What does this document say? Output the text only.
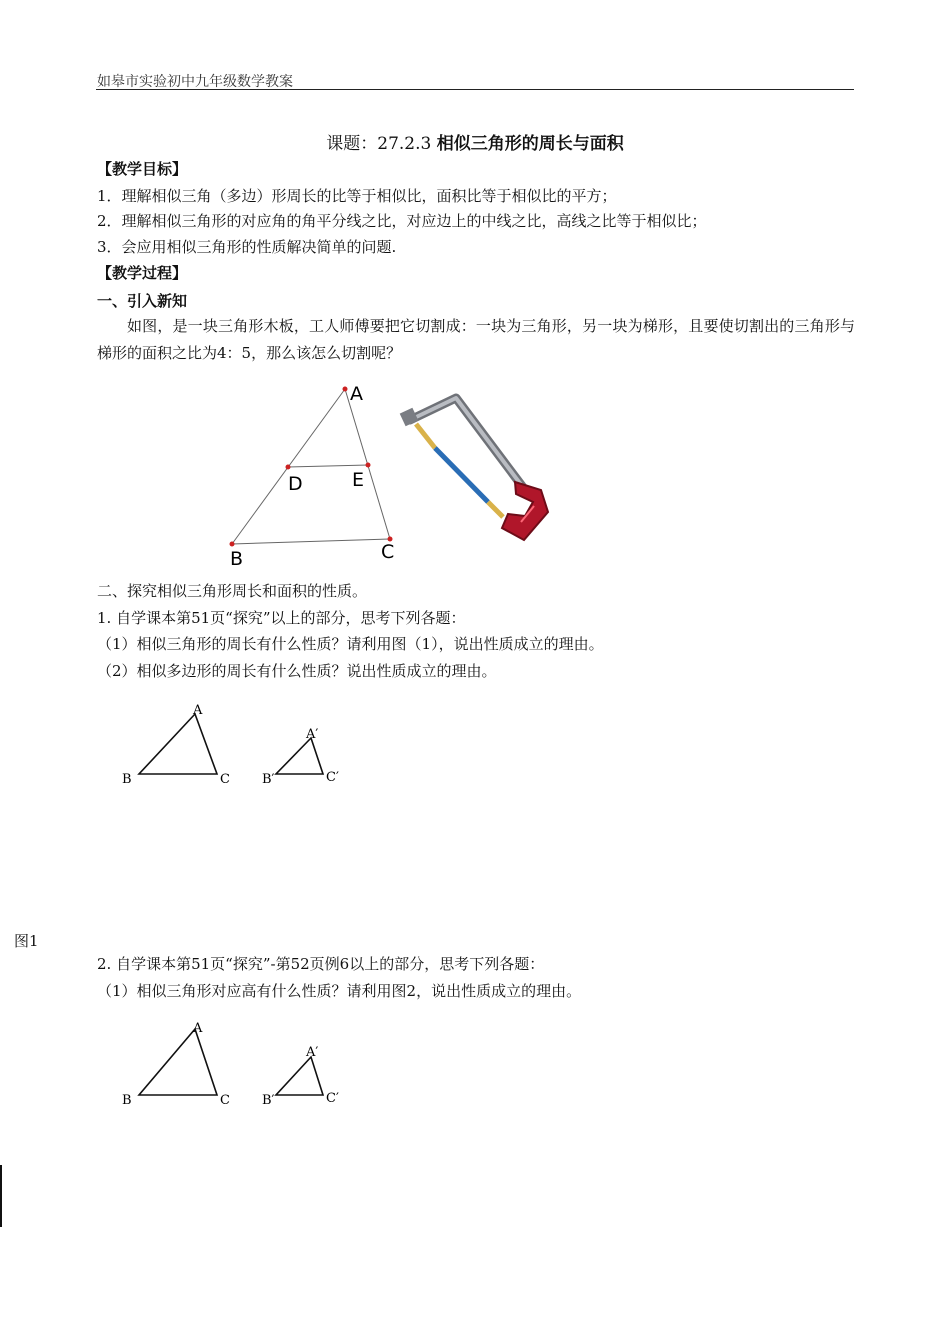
如皋市实验初中九年级数学教案
课题：27.2.3 相似三角形的周长与面积
【教学目标】
1．理解相似三角（多边）形周长的比等于相似比，面积比等于相似比的平方；
2．理解相似三角形的对应角的角平分线之比，对应边上的中线之比，高线之比等于相似比；
3．会应用相似三角形的性质解决简单的问题.
【教学过程】
一、引入新知
如图，是一块三角形木板，工人师傅要把它切割成：一块为三角形，另一块为梯形，且要使切割出的三角形与梯形的面积之比为4：5，那么该怎么切割呢？
A
B	C
D	E
A
B	C
A′
B′	C′
A
B	C
A′
B′	C′
二、探究相似三角形周长和面积的性质。
1. 自学课本第51页“探究”以上的部分，思考下列各题：
（1）相似三角形的周长有什么性质？请利用图（1），说出性质成立的理由。
（2）相似多边形的周长有什么性质？说出性质成立的理由。
图1
2. 自学课本第51页“探究”-第52页例6以上的部分，思考下列各题：
（1）相似三角形对应高有什么性质？请利用图2，说出性质成立的理由。
